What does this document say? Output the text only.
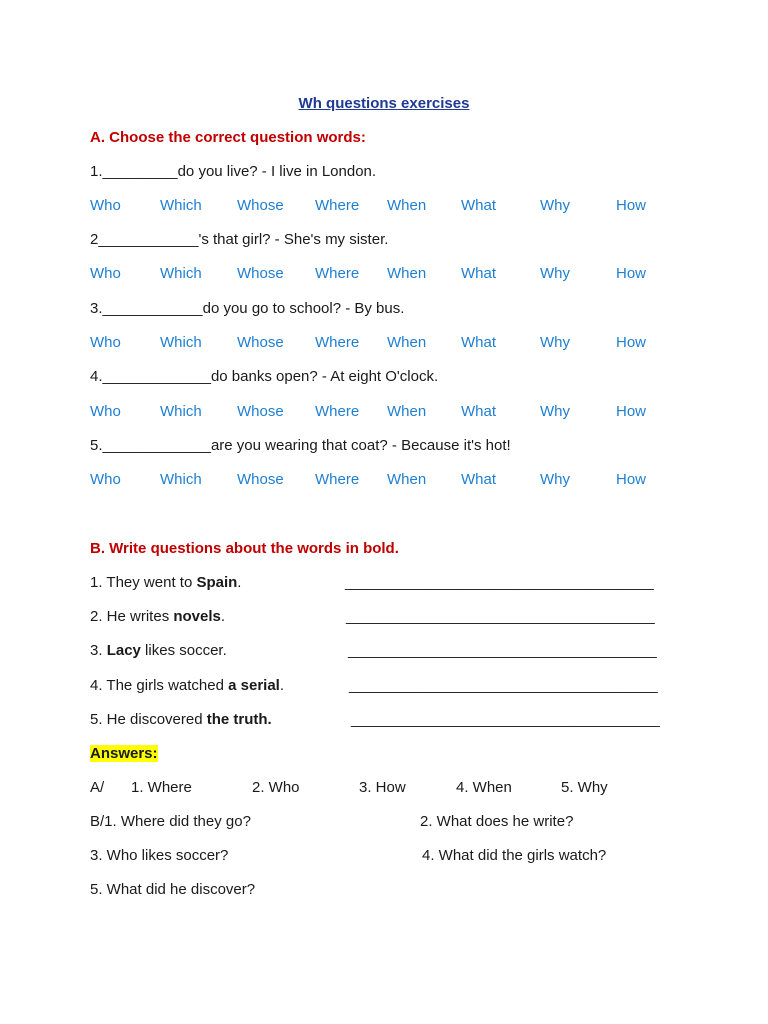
Wh questions exercises
A. Choose the correct question words:
1._________do you live? - I live in London.
Who	Which Whose Where When What	Why	How
2____________'s that girl? - She's my sister.
Who	Which Whose Where When What	Why	How
3.____________do you go to school? - By bus.
Who	Which Whose Where When What	Why	How
4._____________do banks open? - At eight O'clock.
Who	Which Whose Where When What	Why	How
5._____________are you wearing that coat? - Because it's hot!
Who	Which Whose Where When What	Why	How
B. Write questions about the words in bold.
1. They went to Spain.	_____________________________________
2. He writes novels.	_____________________________________
3. Lacy likes soccer.	_____________________________________
4. The girls watched a serial.	_____________________________________
5. He discovered the truth.	_____________________________________
Answers:
A/ 1. Where	2. Who	3. How	4. When	5. Why
B/1. Where did they go?	2. What does he write?
3. Who likes soccer?	4. What did the girls watch?
5. What did he discover?
